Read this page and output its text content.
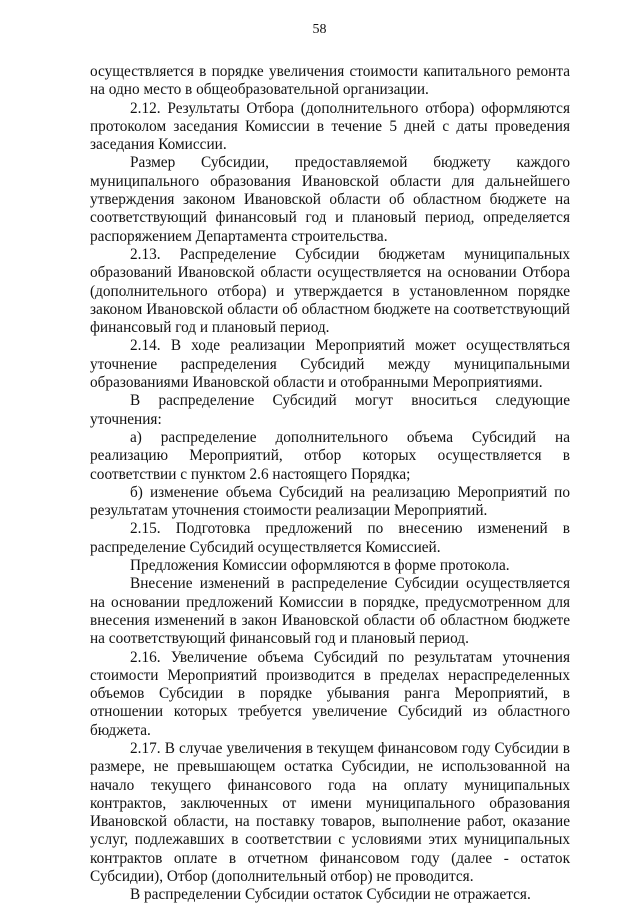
58

осуществляется в порядке увеличения стоимости капитального ремонта на одно место в общеобразовательной организации.

2.12. Результаты Отбора (дополнительного отбора) оформляются протоколом заседания Комиссии в течение 5 дней с даты проведения заседания Комиссии.

Размер Субсидии, предоставляемой бюджету каждого муниципального образования Ивановской области для дальнейшего утверждения законом Ивановской области об областном бюджете на соответствующий финансовый год и плановый период, определяется распоряжением Департамента строительства.

2.13. Распределение Субсидии бюджетам муниципальных образований Ивановской области осуществляется на основании Отбора (дополнительного отбора) и утверждается в установленном порядке законом Ивановской области об областном бюджете на соответствующий финансовый год и плановый период.

2.14. В ходе реализации Мероприятий может осуществляться уточнение распределения Субсидий между муниципальными образованиями Ивановской области и отобранными Мероприятиями.

В распределение Субсидий могут вноситься следующие уточнения:

а) распределение дополнительного объема Субсидий на реализацию Мероприятий, отбор которых осуществляется в соответствии с пунктом 2.6 настоящего Порядка;

б) изменение объема Субсидий на реализацию Мероприятий по результатам уточнения стоимости реализации Мероприятий.

2.15. Подготовка предложений по внесению изменений в распределение Субсидий осуществляется Комиссией.

Предложения Комиссии оформляются в форме протокола.

Внесение изменений в распределение Субсидии осуществляется на основании предложений Комиссии в порядке, предусмотренном для внесения изменений в закон Ивановской области об областном бюджете на соответствующий финансовый год и плановый период.

2.16. Увеличение объема Субсидий по результатам уточнения стоимости Мероприятий производится в пределах нераспределенных объемов Субсидии в порядке убывания ранга Мероприятий, в отношении которых требуется увеличение Субсидий из областного бюджета.

2.17. В случае увеличения в текущем финансовом году Субсидии в размере, не превышающем остатка Субсидии, не использованной на начало текущего финансового года на оплату муниципальных контрактов, заключенных от имени муниципального образования Ивановской области, на поставку товаров, выполнение работ, оказание услуг, подлежавших в соответствии с условиями этих муниципальных контрактов оплате в отчетном финансовом году (далее - остаток Субсидии), Отбор (дополнительный отбор) не проводится.

В распределении Субсидии остаток Субсидии не отражается.
